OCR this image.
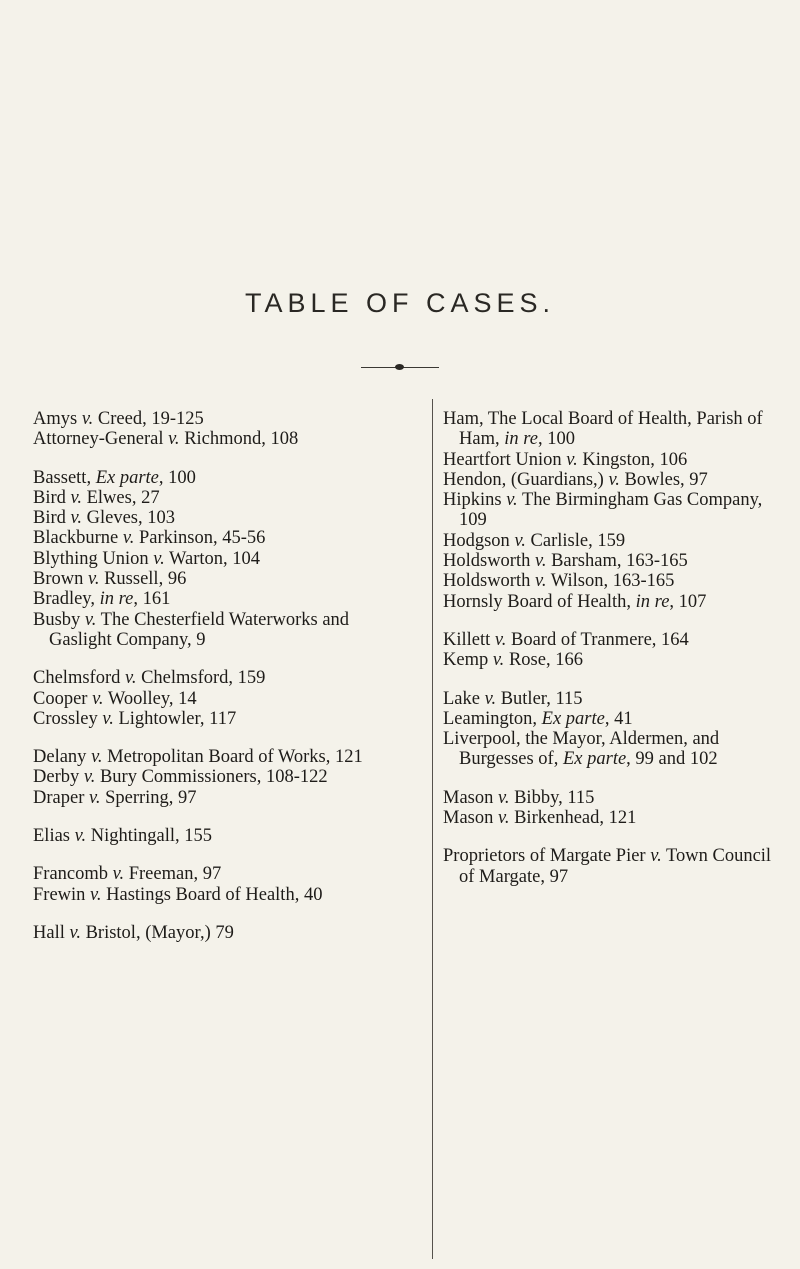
TABLE OF CASES.
Amys v. Creed, 19-125
Attorney-General v. Richmond, 108
Bassett, Ex parte, 100
Bird v. Elwes, 27
Bird v. Gleves, 103
Blackburne v. Parkinson, 45-56
Blything Union v. Warton, 104
Brown v. Russell, 96
Bradley, in re, 161
Busby v. The Chesterfield Waterworks and Gaslight Company, 9
Chelmsford v. Chelmsford, 159
Cooper v. Woolley, 14
Crossley v. Lightowler, 117
Delany v. Metropolitan Board of Works, 121
Derby v. Bury Commissioners, 108-122
Draper v. Sperring, 97
Elias v. Nightingall, 155
Francomb v. Freeman, 97
Frewin v. Hastings Board of Health, 40
Hall v. Bristol, (Mayor,) 79
Ham, The Local Board of Health, Parish of Ham, in re, 100
Heartfort Union v. Kingston, 106
Hendon, (Guardians,) v. Bowles, 97
Hipkins v. The Birmingham Gas Company, 109
Hodgson v. Carlisle, 159
Holdsworth v. Barsham, 163-165
Holdsworth v. Wilson, 163-165
Hornsly Board of Health, in re, 107
Killett v. Board of Tranmere, 164
Kemp v. Rose, 166
Lake v. Butler, 115
Leamington, Ex parte, 41
Liverpool, the Mayor, Aldermen, and Burgesses of, Ex parte, 99 and 102
Mason v. Bibby, 115
Mason v. Birkenhead, 121
Proprietors of Margate Pier v. Town Council of Margate, 97
